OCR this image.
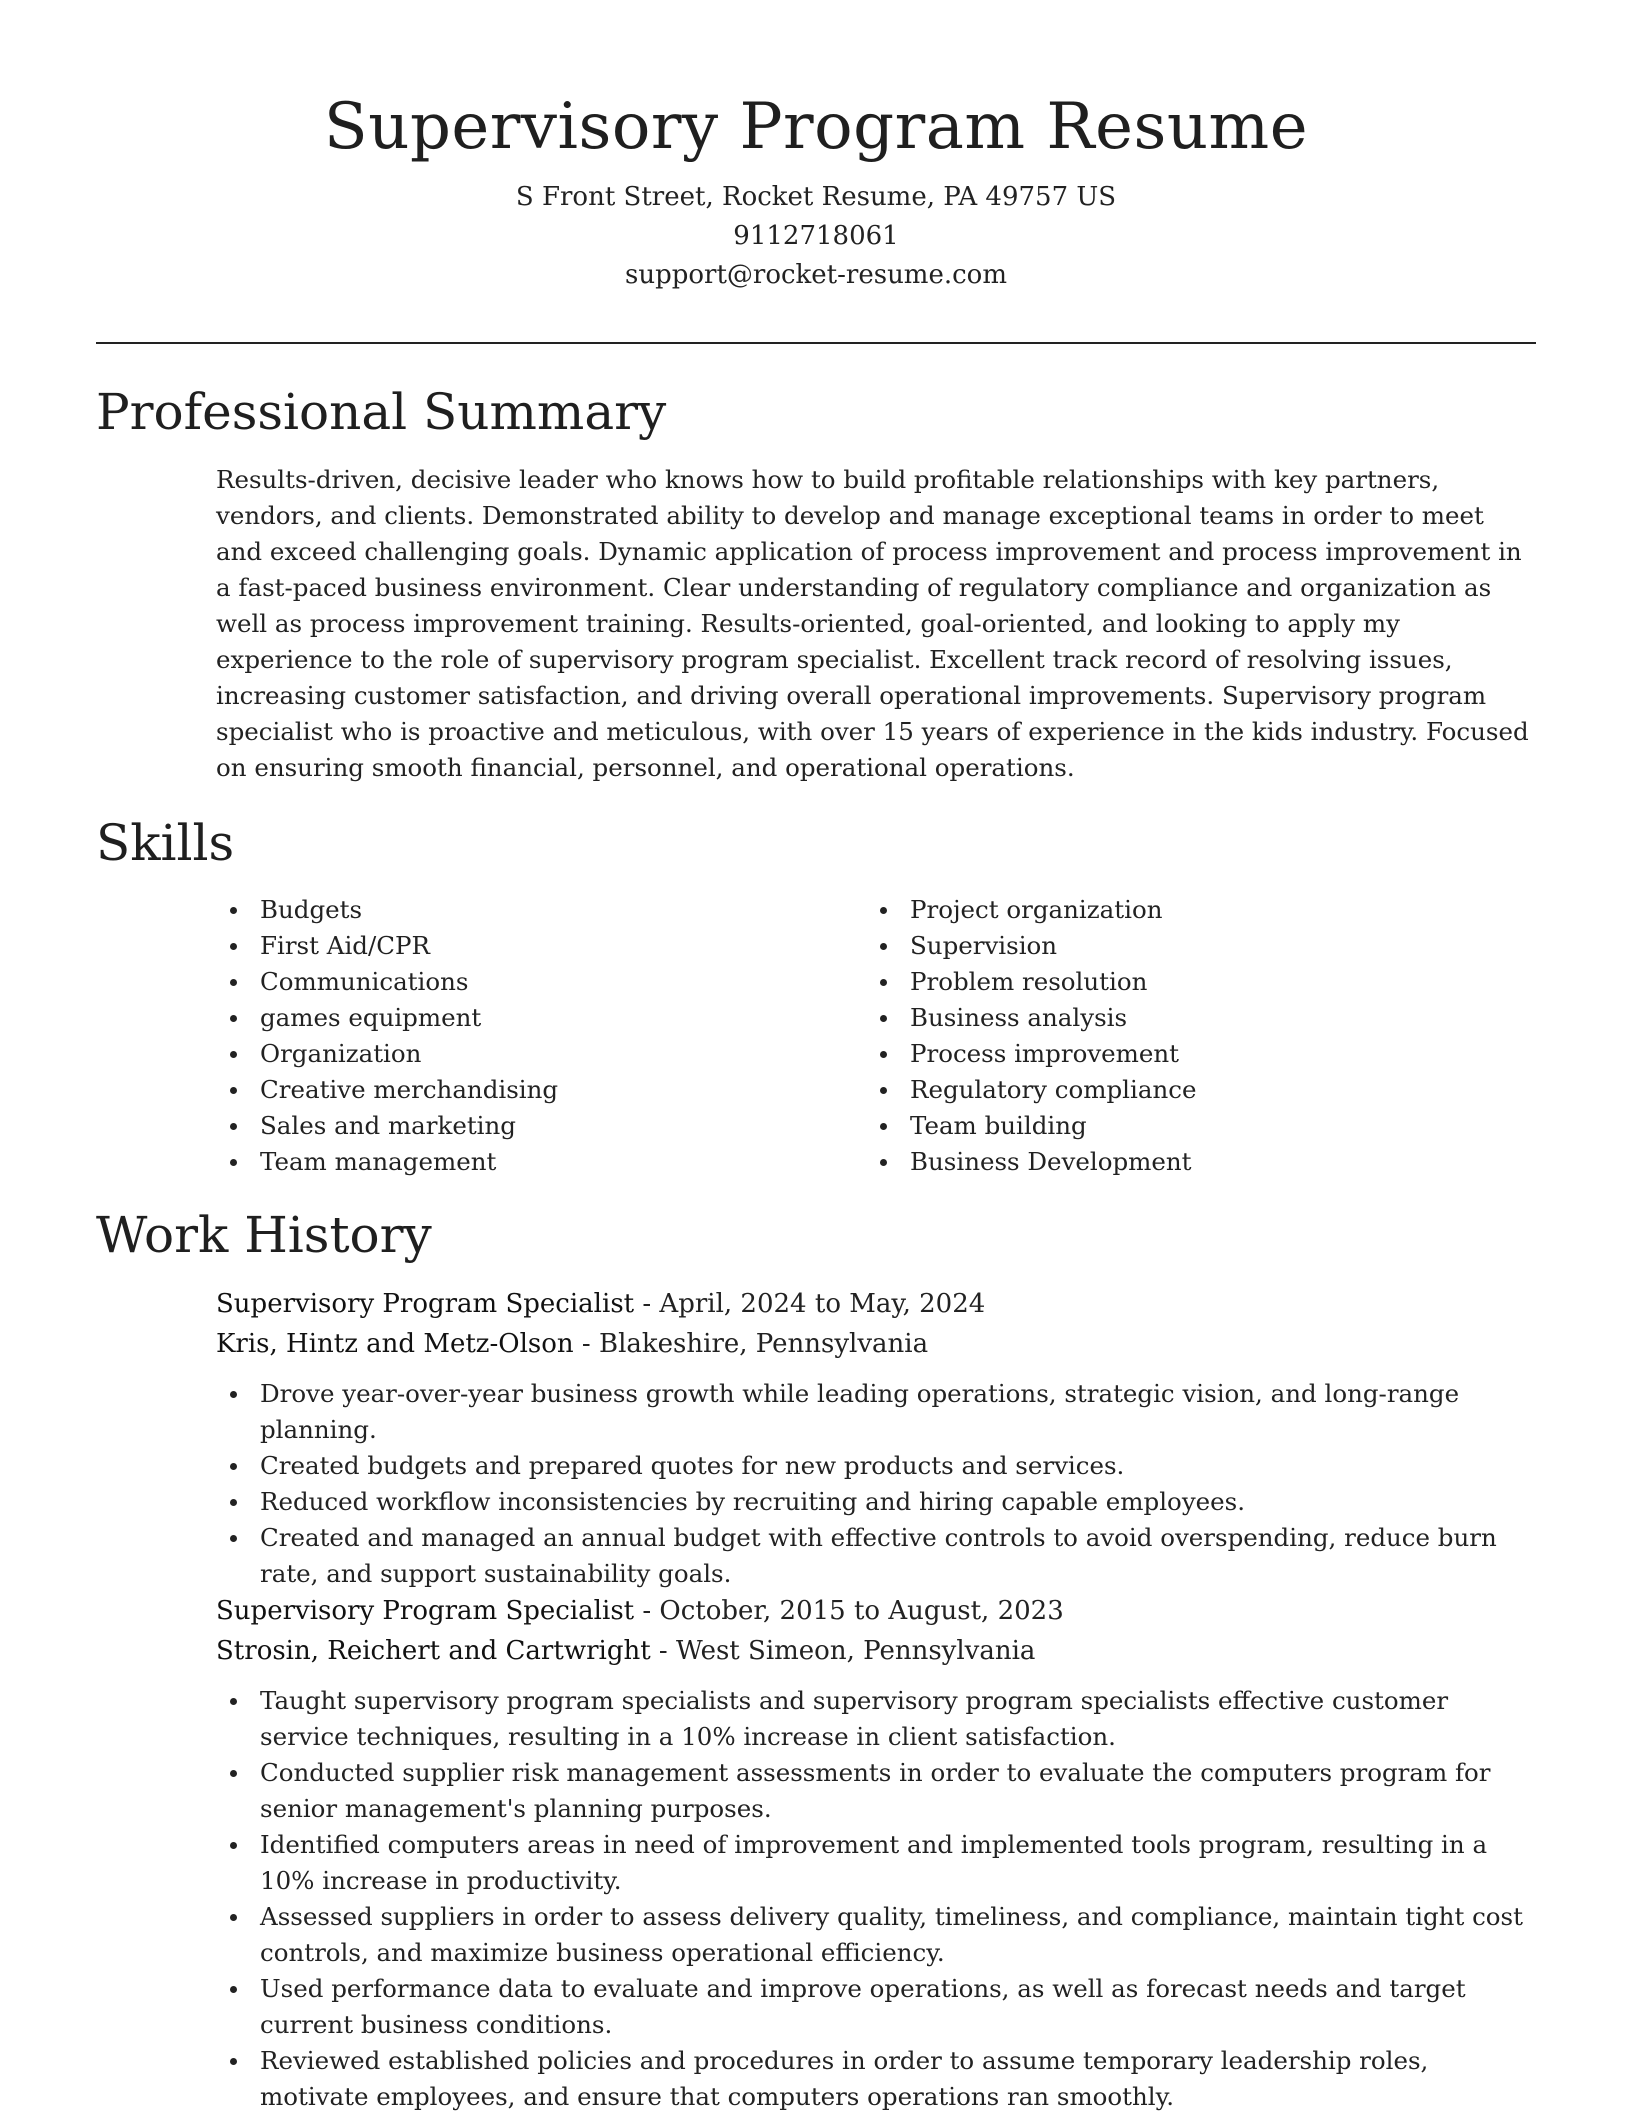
Supervisory Program Resume

S Front Street, Rocket Resume, PA 49757 US

9112718061

support@rocket-resume.com

Professional Summary

Results-driven, decisive leader who knows how to build profitable relationships with key partners, vendors, and clients. Demonstrated ability to develop and manage exceptional teams in order to meet and exceed challenging goals. Dynamic application of process improvement and process improvement in a fast-paced business environment. Clear understanding of regulatory compliance and organization as well as process improvement training. Results-oriented, goal-oriented, and looking to apply my experience to the role of supervisory program specialist. Excellent track record of resolving issues, increasing customer satisfaction, and driving overall operational improvements. Supervisory program specialist who is proactive and meticulous, with over 15 years of experience in the kids industry. Focused on ensuring smooth financial, personnel, and operational operations.

Skills
Budgets
First Aid/CPR
Communications
games equipment
Organization
Creative merchandising
Sales and marketing
Team management
Project organization
Supervision
Problem resolution
Business analysis
Process improvement
Regulatory compliance
Team building
Business Development
Work History

Supervisory Program Specialist - April, 2024 to May, 2024

Kris, Hintz and Metz-Olson - Blakeshire, Pennsylvania

Drove year-over-year business growth while leading operations, strategic vision, and long-range planning.
Created budgets and prepared quotes for new products and services.
Reduced workflow inconsistencies by recruiting and hiring capable employees.
Created and managed an annual budget with effective controls to avoid overspending, reduce burn rate, and support sustainability goals.

Supervisory Program Specialist - October, 2015 to August, 2023

Strosin, Reichert and Cartwright - West Simeon, Pennsylvania

Taught supervisory program specialists and supervisory program specialists effective customer service techniques, resulting in a 10% increase in client satisfaction.
Conducted supplier risk management assessments in order to evaluate the computers program for senior management's planning purposes.
Identified computers areas in need of improvement and implemented tools program, resulting in a 10% increase in productivity.
Assessed suppliers in order to assess delivery quality, timeliness, and compliance, maintain tight cost controls, and maximize business operational efficiency.
Used performance data to evaluate and improve operations, as well as forecast needs and target current business conditions.
Reviewed established policies and procedures in order to assume temporary leadership roles, motivate employees, and ensure that computers operations ran smoothly.
